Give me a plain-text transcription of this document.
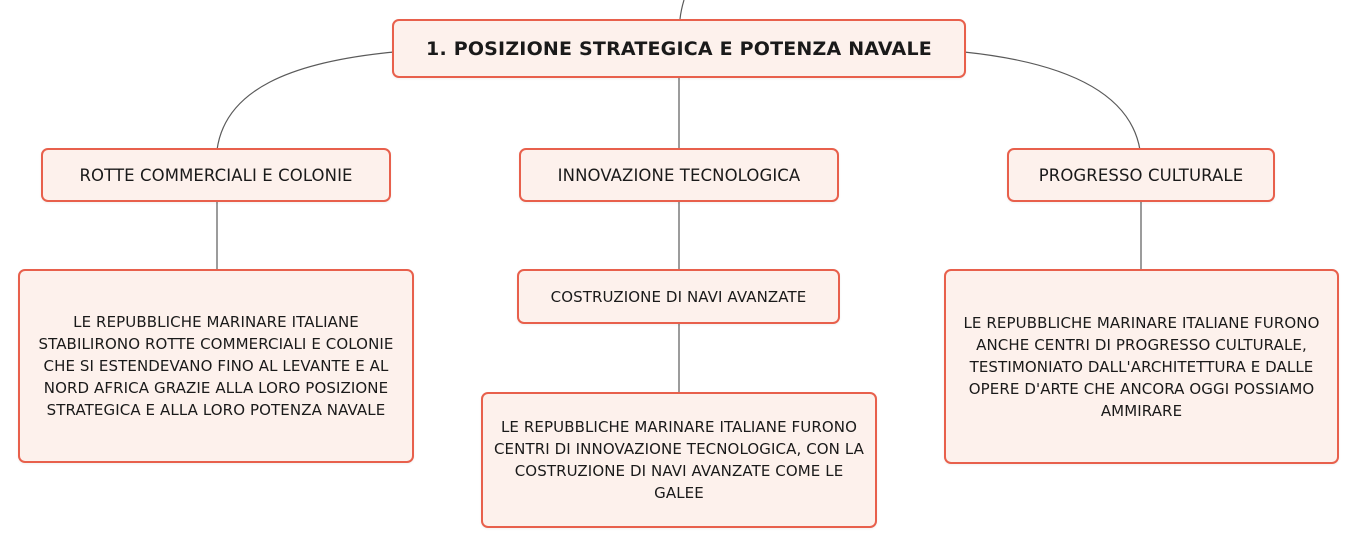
1. POSIZIONE STRATEGICA E POTENZA NAVALE
ROTTE COMMERCIALI E COLONIE	INNOVAZIONE TECNOLOGICA	PROGRESSO CULTURALE
LE REPUBBLICHE MARINARE ITALIANE STABILIRONO ROTTE COMMERCIALI E COLONIE CHE SI ESTENDEVANO FINO AL LEVANTE E AL NORD AFRICA GRAZIE ALLA LORO POSIZIONE STRATEGICA E ALLA LORO POTENZA NAVALE
COSTRUZIONE DI NAVI AVANZATE
LE REPUBBLICHE MARINARE ITALIANE FURONO CENTRI DI INNOVAZIONE TECNOLOGICA, CON LA COSTRUZIONE DI NAVI AVANZATE COME LE GALEE
LE REPUBBLICHE MARINARE ITALIANE FURONO ANCHE CENTRI DI PROGRESSO CULTURALE, TESTIMONIATO DALL'ARCHITETTURA E DALLE OPERE D'ARTE CHE ANCORA OGGI POSSIAMO AMMIRARE
